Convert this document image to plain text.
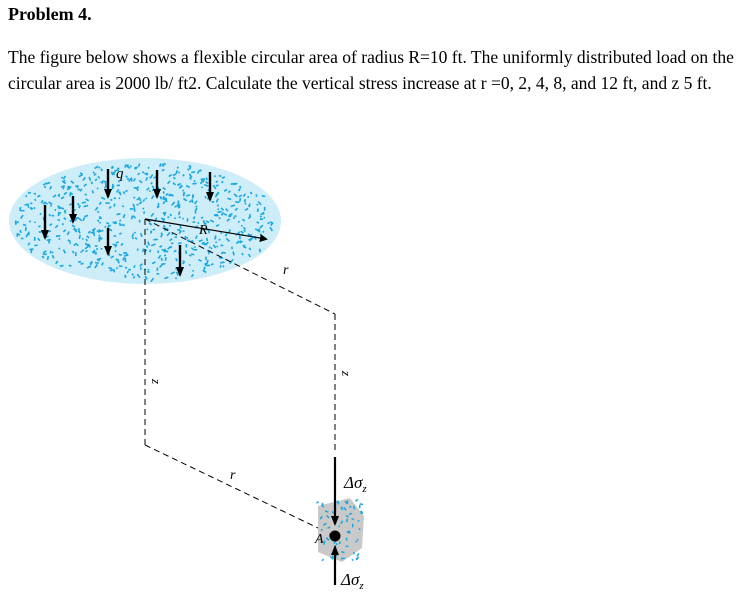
Problem 4.

The figure below shows a flexible circular area of radius R=10 ft. The uniformly distributed load on the circular area is 2000 lb/ ft2. Calculate the vertical stress increase at r =0, 2, 4, 8, and 12 ft, and z 5 ft.

q
R
r
z
z
r
A
$\Delta\sigma_z$
$\Delta\sigma_z$
